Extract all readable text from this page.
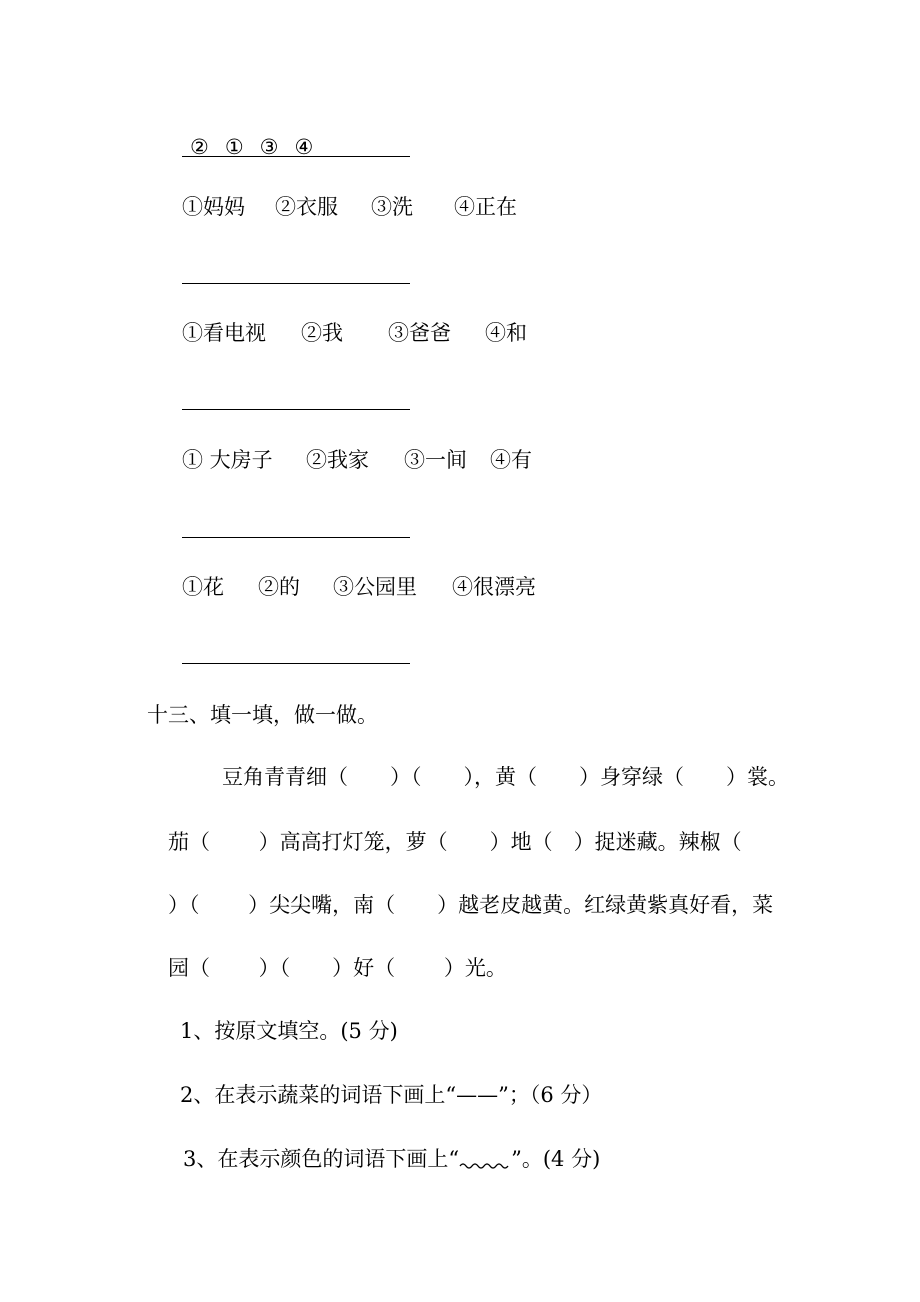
② ① ③ ④
①妈妈 ②衣服 ③洗 ④正在
①看电视 ②我 ③爸爸 ④和
① 大房子 ②我家 ③一间 ④有
①花 ②的 ③公园里 ④很漂亮
十三、填一填，做一做。
豆角青青细（　　）（　　），黄（　　）身穿绿（　　）裳。
茄（　　 ）高高打灯笼，萝（　　）地（　）捉迷藏。辣椒（
）（　　 ）尖尖嘴，南（　　）越老皮越黄。红绿黄紫真好看，菜
园（　　 ）（　　）好（　　 ）光。
1、按原文填空。(5 分)
2、在表示蔬菜的词语下画上“——”；（6 分）
3、在表示颜色的词语下画上“ ”。(4 分)
